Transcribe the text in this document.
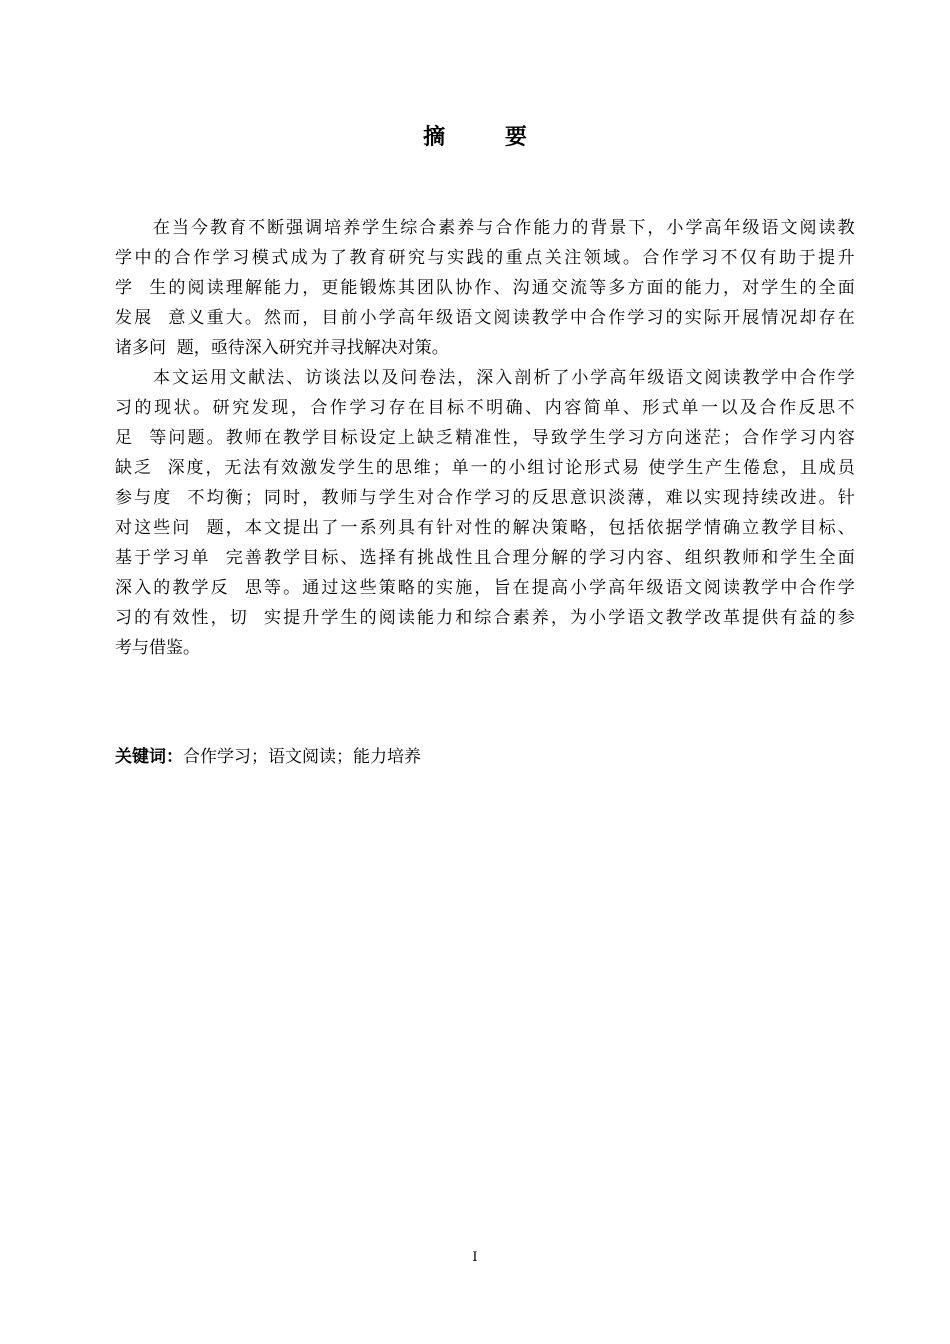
摘 要
在 当 今 教 育 不 断 强 调 培 养 学 生 综 合 素 养 与 合 作 能 力 的 背 景 下 ， 小 学 高 年 级 语 文 阅 读 教
学 中 的 合 作 学 习 模 式 成 为 了 教 育 研 究 与 实 践 的 重 点 关 注 领 域 。 合 作 学 习 不 仅 有 助 于 提 升
学

生 的 阅 读 理 解 能 力 ， 更 能 锻 炼 其 团 队 协 作 、 沟 通 交 流 等 多 方 面 的 能 力 ， 对 学 生 的 全 面
发 展

意 义 重 大 。 然 而 ， 目 前 小 学 高 年 级 语 文 阅 读 教 学 中 合 作 学 习 的 实 际 开 展 情 况 却 存 在
诸多问  题，亟待深入研究并寻找解决对策。
本 文 运 用 文 献 法 、 访 谈 法 以 及 问 卷 法 ， 深 入 剖 析 了 小 学 高 年 级 语 文 阅 读 教 学 中 合 作 学
习 的 现 状 。 研 究 发 现 ， 合 作 学 习 存 在 目 标 不 明 确 、 内 容 简 单 、 形 式 单 一 以 及 合 作 反 思 不
足

等 问 题 。 教 师 在 教 学 目 标 设 定 上 缺 乏 精 准 性 ， 导 致 学 生 学 习 方 向 迷 茫 ； 合 作 学 习 内 容
缺 乏

深 度 ， 无 法 有 效 激 发 学 生 的 思 维 ； 单 一 的 小 组 讨 论 形 式 易
使 学 生 产 生 倦 怠 ， 且 成 员
参 与 度

不 均 衡 ； 同 时 ， 教 师 与 学 生 对 合 作 学 习 的 反 思 意 识 淡 薄 ， 难 以 实 现 持 续 改 进 。 针
对 这 些 问

题 ， 本 文 提 出 了 一 系 列 具 有 针 对 性 的 解 决 策 略 ， 包 括 依 据 学 情 确 立 教 学 目 标 、
基 于 学 习 单

完 善 教 学 目 标 、 选 择 有 挑 战 性 且 合 理 分 解 的 学 习 内 容 、 组 织 教 师 和 学 生 全 面
深 入 的 教 学 反

思 等 。 通 过 这 些 策 略 的 实 施 ， 旨 在 提 高 小 学 高 年 级 语 文 阅 读 教 学 中 合 作 学
习 的 有 效 性 ， 切

实 提 升 学 生 的 阅 读 能 力 和 综 合 素 养 ， 为 小 学 语 文 教 学 改 革 提 供 有 益 的 参
考与借鉴。
关键词：合作学习；语文阅读；能力培养
I
